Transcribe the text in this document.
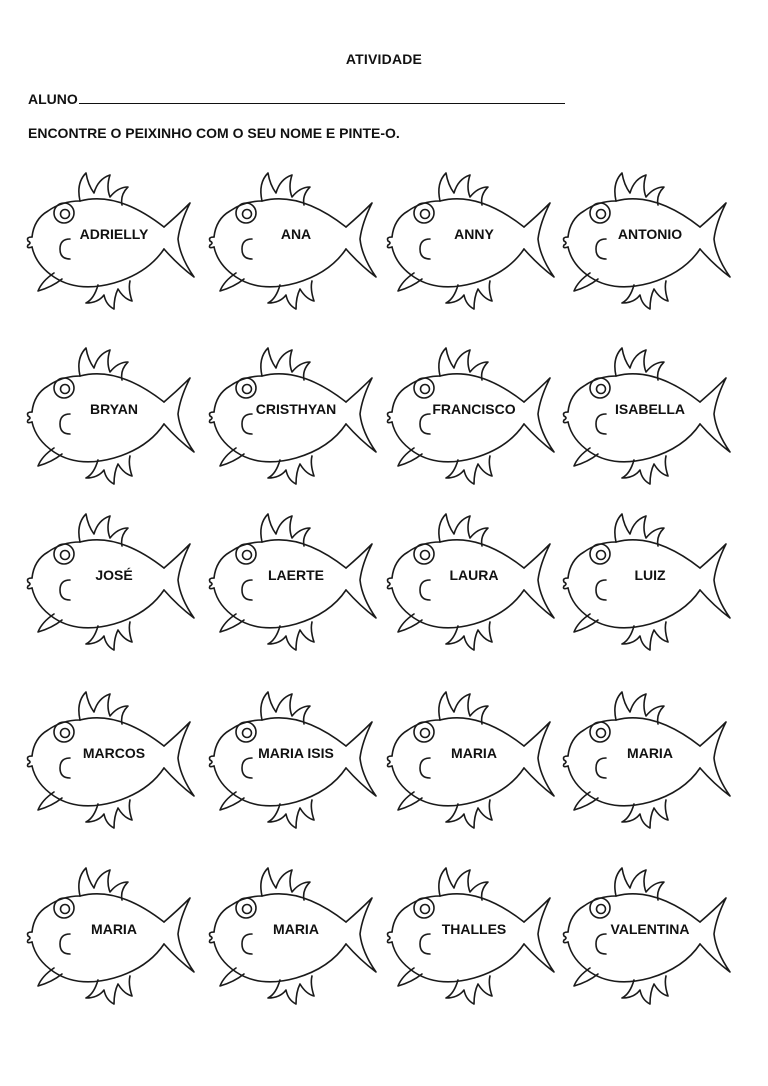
ATIVIDADE
ALUNO
ENCONTRE O PEIXINHO COM O SEU NOME E PINTE-O.
ADRIELLY	ANA	ANNY	ANTONIO
BRYAN	CRISTHYAN	FRANCISCO	ISABELLA
JOSÉ	LAERTE	LAURA	LUIZ
MARCOS	MARIA ISIS	MARIA	MARIA
MARIA	MARIA	THALLES	VALENTINA
